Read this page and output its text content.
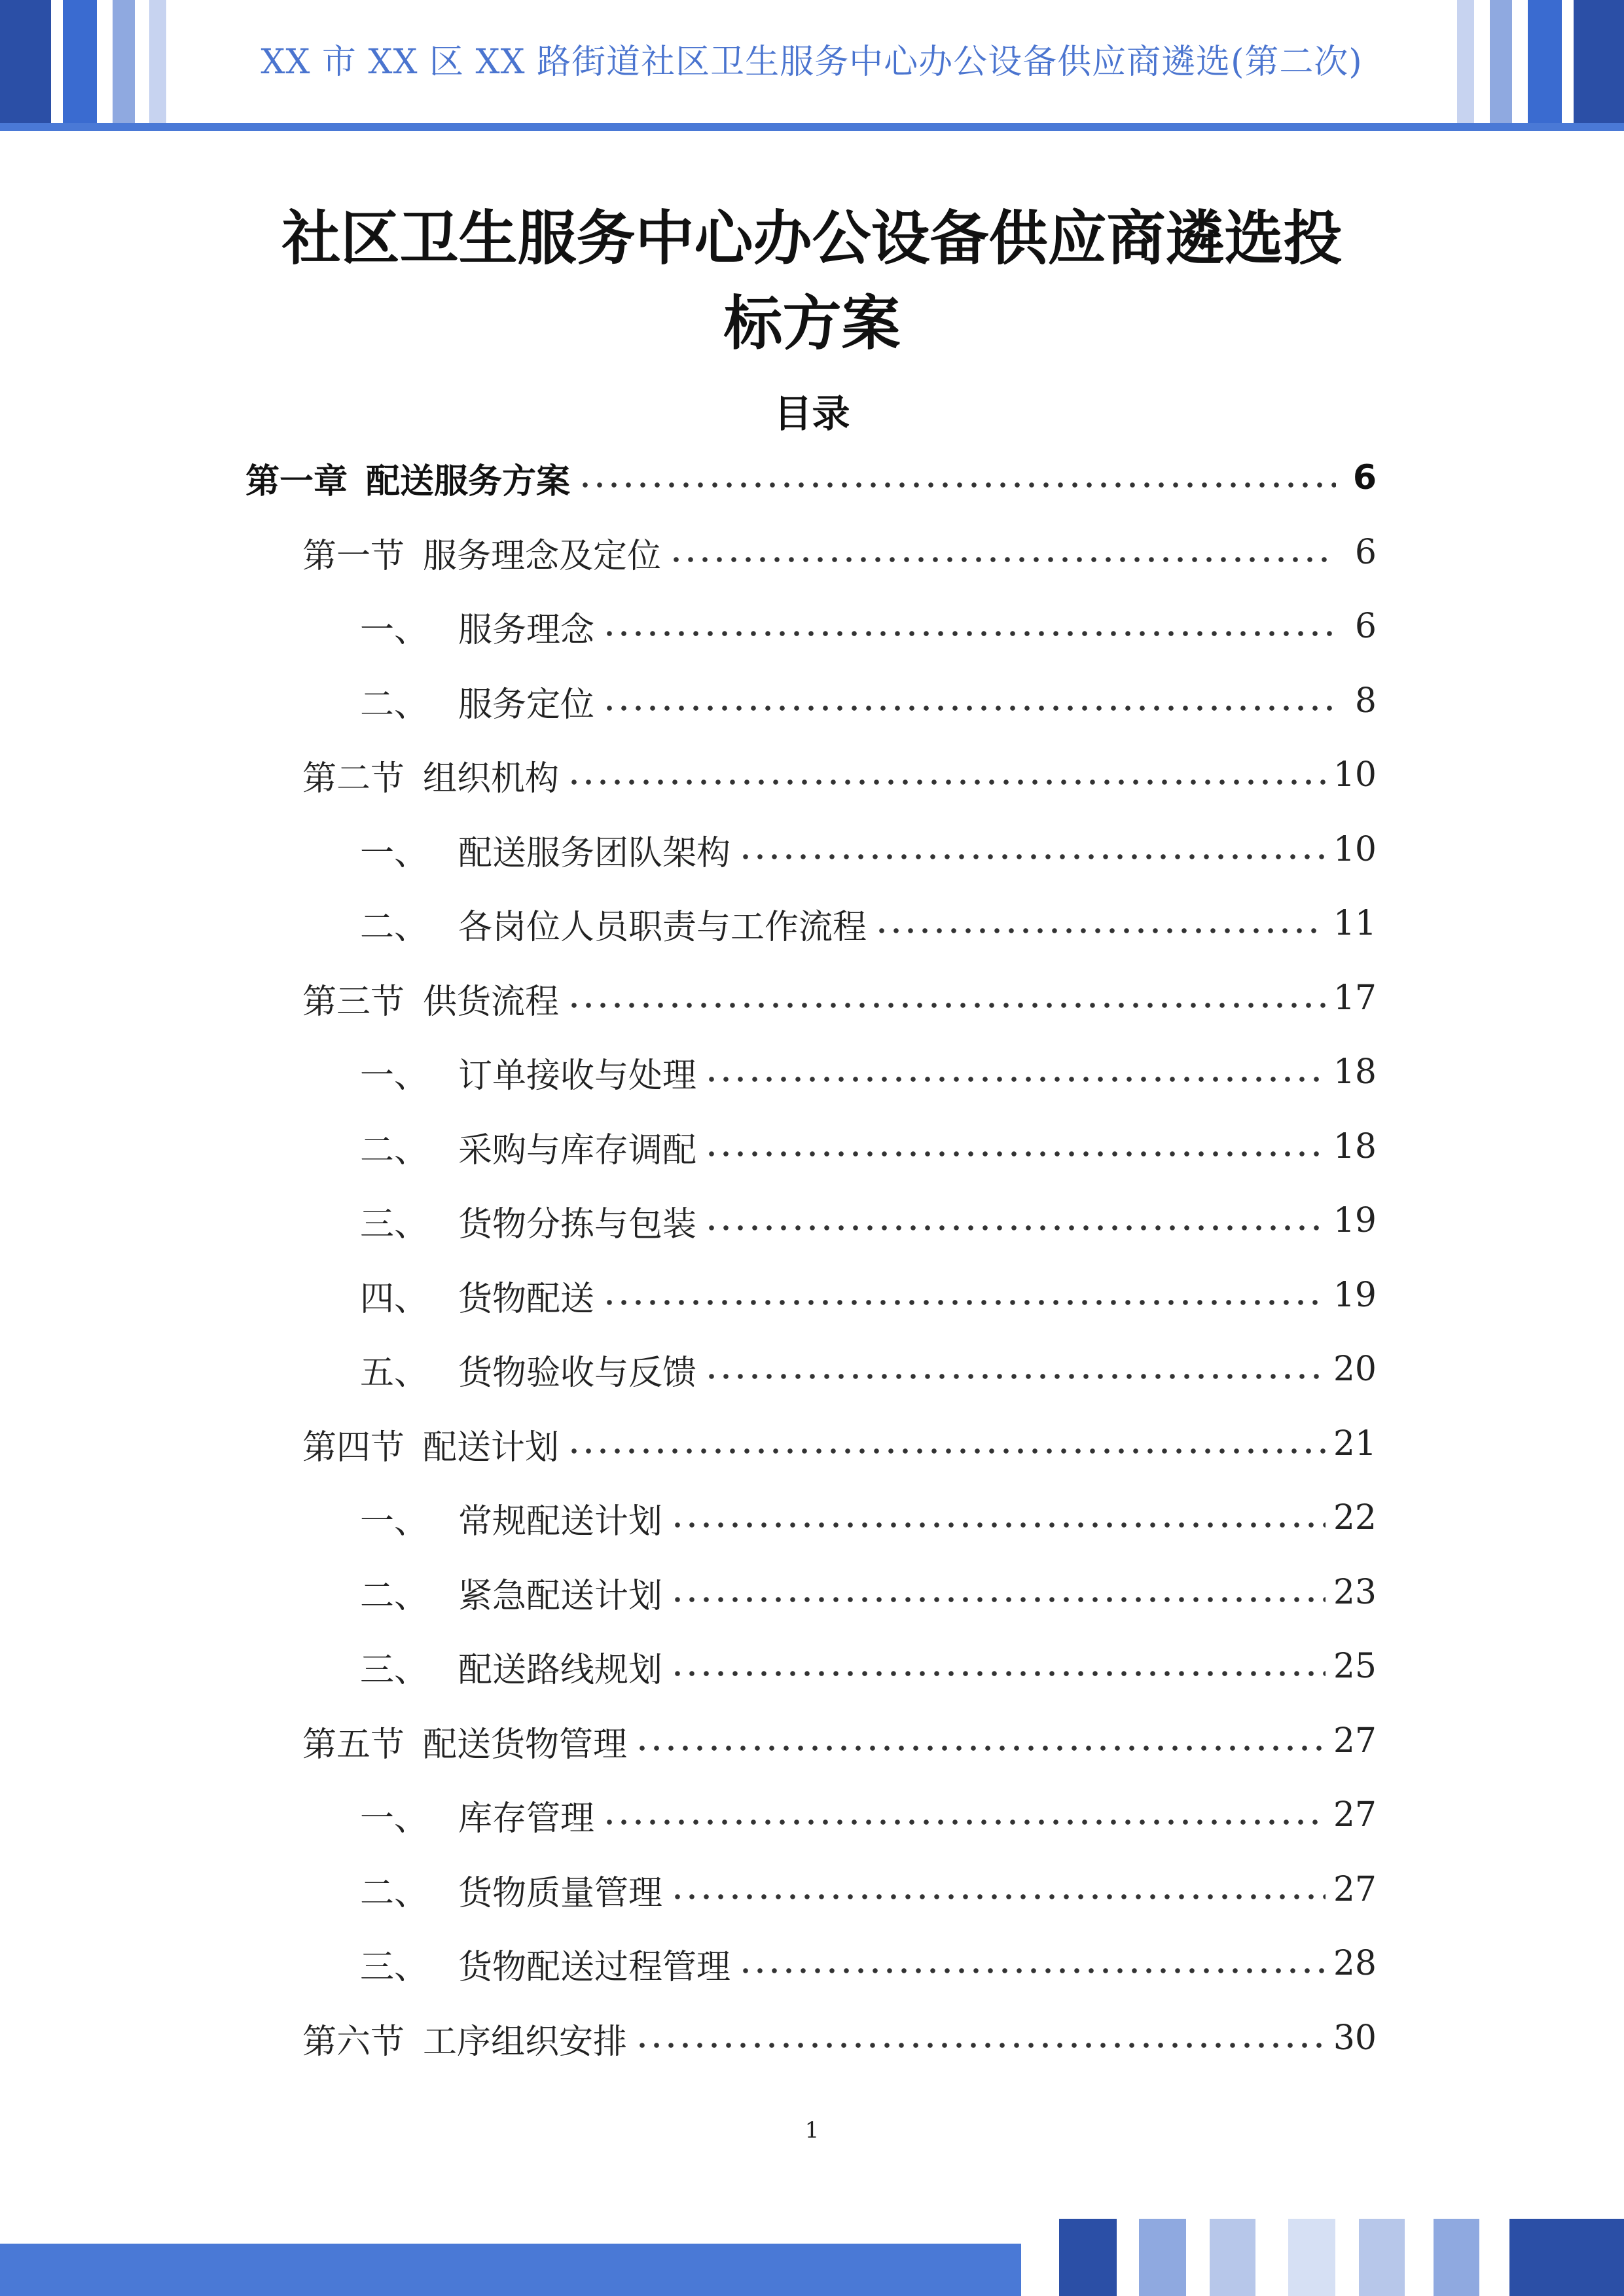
XX 市 XX 区 XX 路街道社区卫生服务中心办公设备供应商遴选(第二次)
社区卫生服务中心办公设备供应商遴选投
标方案
目录
第一章 配送服务方案	6
第一节 服务理念及定位	6
一、 服务理念	6
二、 服务定位	8
第二节 组织机构	10
一、 配送服务团队架构	10
二、 各岗位人员职责与工作流程	11
第三节 供货流程	17
一、 订单接收与处理	18
二、 采购与库存调配	18
三、 货物分拣与包装	19
四、 货物配送	19
五、 货物验收与反馈	20
第四节 配送计划	21
一、 常规配送计划	22
二、 紧急配送计划	23
三、 配送路线规划	25
第五节 配送货物管理	27
一、 库存管理	27
二、 货物质量管理	27
三、 货物配送过程管理	28
第六节 工序组织安排	30
1
